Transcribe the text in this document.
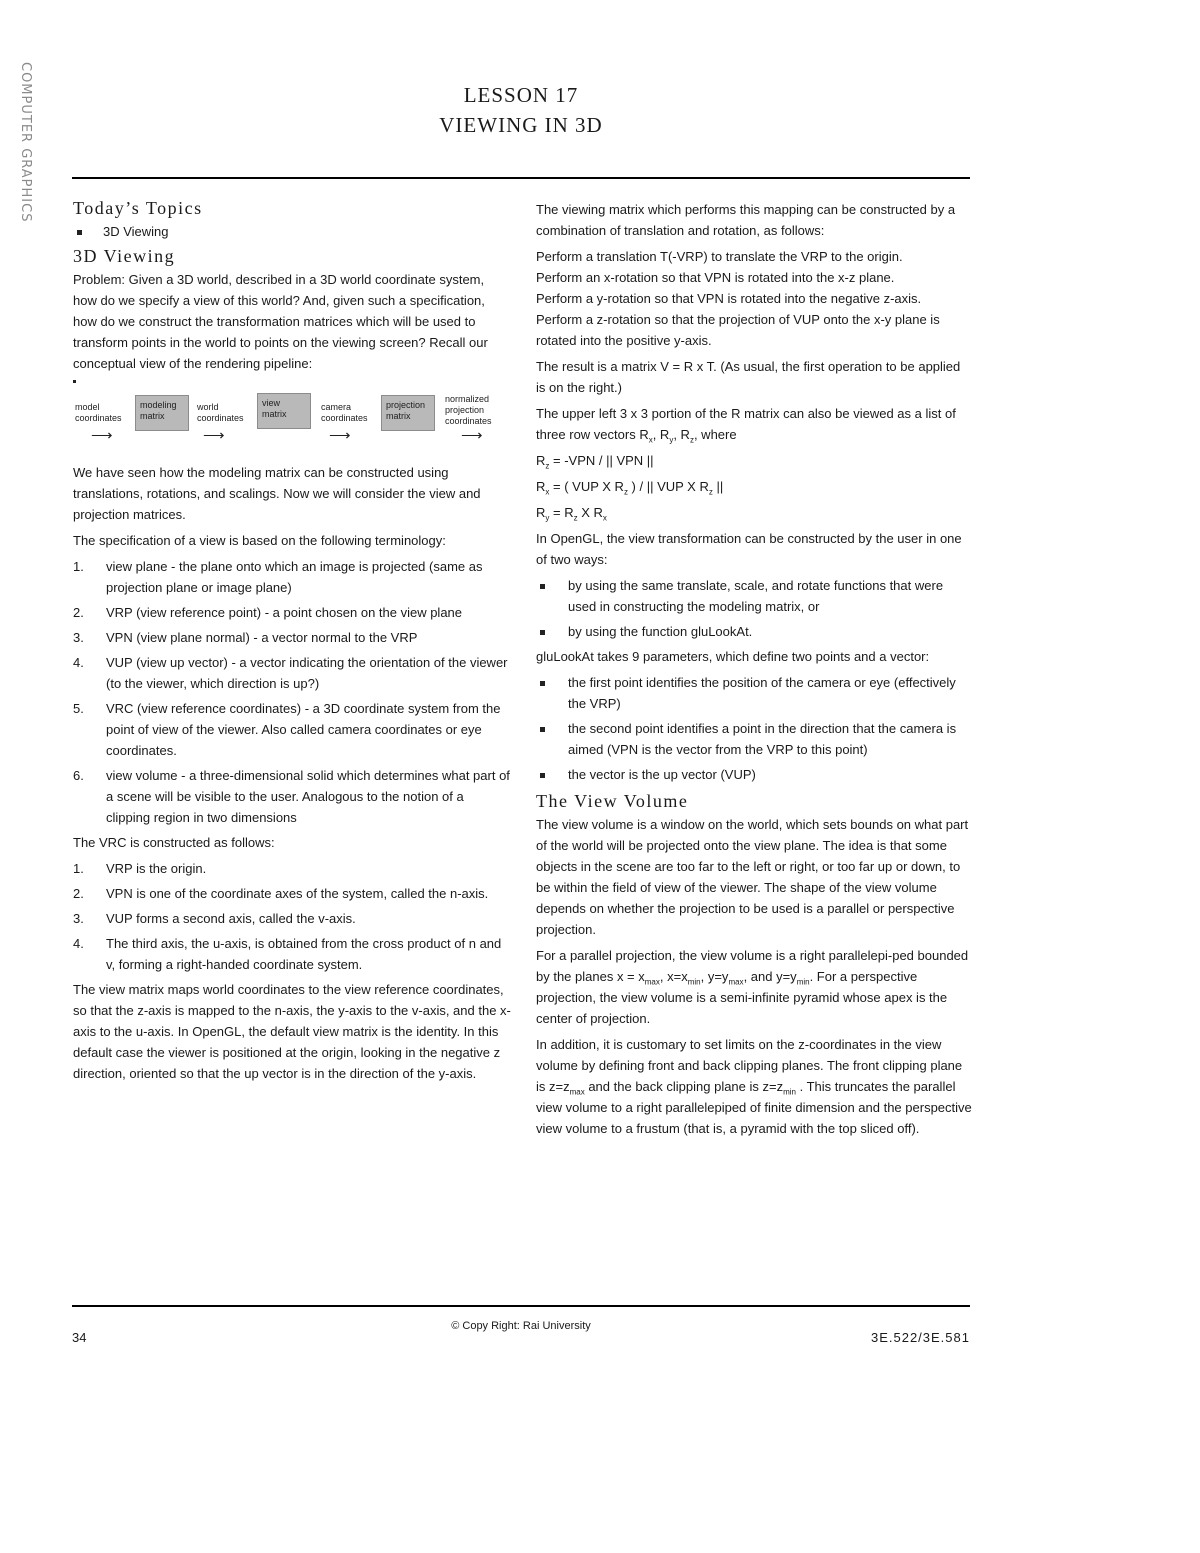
COMPUTER GRAPHICS	LESSON 17
VIEWING IN 3D
Today’s Topics
3D Viewing
3D Viewing

Problem: Given a 3D world, described in a 3D world coordinate system, how do we specify a view of this world? And, given such a specification, how do we construct the transformation matrices which will be used to transform points in the world to points on the viewing screen? Recall our conceptual view of the rendering pipeline:

model coordinates
modeling matrix
world coordinates
view matrix
camera coordinates
projection matrix
normalized projection coordinates
⟶	⟶	⟶	⟶

We have seen how the modeling matrix can be constructed using translations, rotations, and scalings. Now we will consider the view and projection matrices.

The specification of a view is based on the following terminology:

1.	view plane - the plane onto which an image is projected (same as projection plane or image plane)
2.	VRP (view reference point) - a point chosen on the view plane
3.	VPN (view plane normal) - a vector normal to the VRP
4.	VUP (view up vector) - a vector indicating the orientation of the viewer (to the viewer, which direction is up?)
5.	VRC (view reference coordinates) - a 3D coordinate system from the point of view of the viewer. Also called camera coordinates or eye coordinates.
6.	view volume - a three-dimensional solid which determines what part of a scene will be visible to the user. Analogous to the notion of a clipping region in two dimensions

The VRC is constructed as follows:

1.	VRP is the origin.
2.	VPN is one of the coordinate axes of the system, called the n-axis.
3.	VUP forms a second axis, called the v-axis.
4.	The third axis, the u-axis, is obtained from the cross product of n and v, forming a right-handed coordinate system.

The view matrix maps world coordinates to the view reference coordinates, so that the z-axis is mapped to the n-axis, the y-axis to the v-axis, and the x-axis to the u-axis. In OpenGL, the default view matrix is the identity. In this default case the viewer is positioned at the origin, looking in the negative z direction, oriented so that the up vector is in the direction of the y-axis.

The viewing matrix which performs this mapping can be constructed by a combination of translation and rotation, as follows:

Perform a translation T(-VRP) to translate the VRP to the origin.

Perform an x-rotation so that VPN is rotated into the x-z plane.

Perform a y-rotation so that VPN is rotated into the negative z-axis.

Perform a z-rotation so that the projection of VUP onto the x-y plane is rotated into the positive y-axis.

The result is a matrix V = R x T. (As usual, the first operation to be applied is on the right.)

The upper left 3 x 3 portion of the R matrix can also be viewed as a list of three row vectors $R_x$, $R_y$, $R_z$, where

$R_z = -VPN$ / || VPN ||

$R_x$ = ( VUP X $R_z$ ) / || VUP X $R_z$ ||

$R_y = R_z$ X $R_x$

In OpenGL, the view transformation can be constructed by the user in one of two ways:

by using the same translate, scale, and rotate functions that were used in constructing the modeling matrix, or
by using the function gluLookAt.

gluLookAt takes 9 parameters, which define two points and a vector:

the first point identifies the position of the camera or eye (effectively the VRP)
the second point identifies a point in the direction that the camera is aimed (VPN is the vector from the VRP to this point)
the vector is the up vector (VUP)
The View Volume

The view volume is a window on the world, which sets bounds on what part of the world will be projected onto the view plane. The idea is that some objects in the scene are too far to the left or right, or too far up or down, to be within the field of view of the viewer. The shape of the view volume depends on whether the projection to be used is a parallel or perspective projection.

For a parallel projection, the view volume is a right parallelepi-ped bounded by the planes $x = x_{max}$, $x=x_{min}$, $y=y_{max}$, and $y=y_{min}$. For a perspective projection, the view volume is a semi-infinite pyramid whose apex is the center of projection.

In addition, it is customary to set limits on the z-coordinates in the view volume by defining front and back clipping planes. The front clipping plane is $z=z_{max}$ and the back clipping plane is $z=z_{min}$ . This truncates the parallel view volume to a right parallelepiped of finite dimension and the perspective view volume to a frustum (that is, a pyramid with the top sliced off).

© Copy Right: Rai University
34	3E.522/3E.581
